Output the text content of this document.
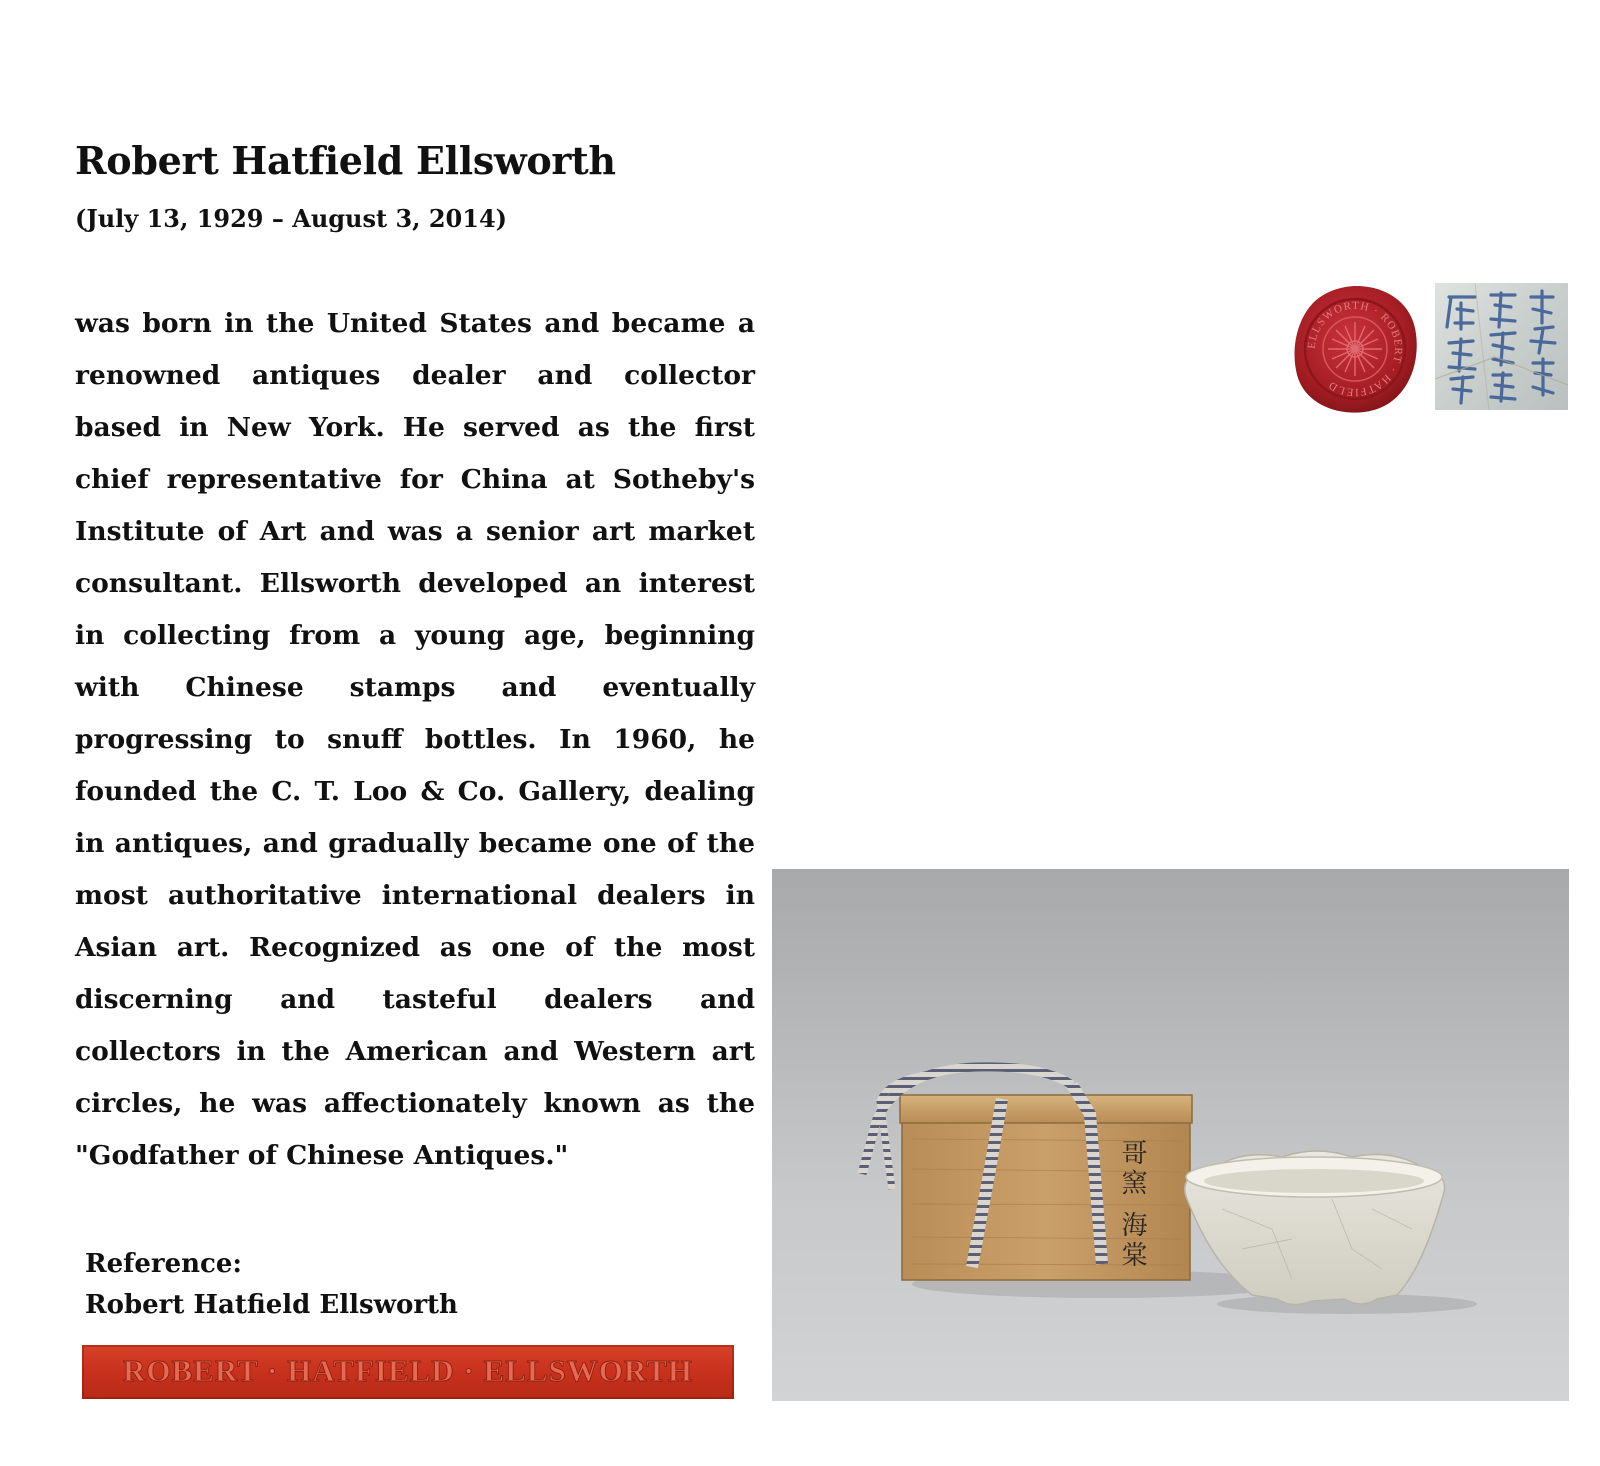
Robert Hatfield Ellsworth
(July 13, 1929 – August 3, 2014)
was born in the United States and became a renowned antiques dealer and collector based in New York. He served as the first chief representative for China at Sotheby's Institute of Art and was a senior art market consultant. Ellsworth developed an interest in collecting from a young age, beginning with Chinese stamps and eventually progressing to snuff bottles. In 1960, he founded the C. T. Loo & Co. Gallery, dealing in antiques, and gradually became one of the most authoritative international dealers in Asian art. Recognized as one of the most discerning and tasteful dealers and collectors in the American and Western art circles, he was affectionately known as the "Godfather of Chinese Antiques."
Reference:
Robert Hatfield Ellsworth
ROBERT · HATFIELD · ELLSWORTH
ELLSWORTH · ROBERT · HATFIELD
哥窯 海棠
